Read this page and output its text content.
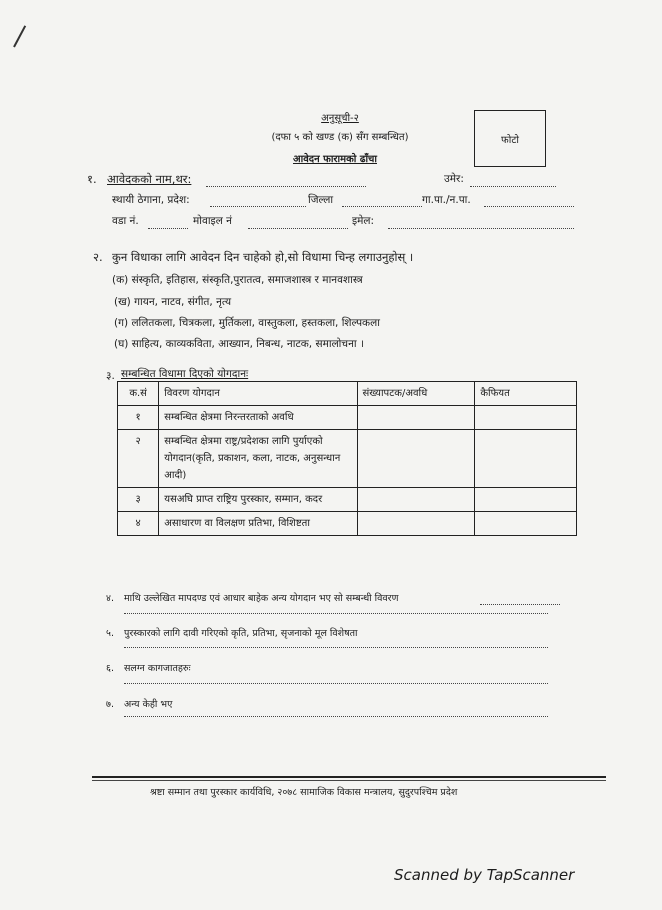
अनुसूची-२
(दफा ५ को खण्ड (क) सँग सम्बन्धित)
आवेदन फारामको ढाँचा
फोटो
१. आवेदकको नाम,थर:	उमेर:
स्थायी ठेगाना, प्रदेश:	जिल्ला	गा.पा./न.पा.
वडा नं.	मोवाइल नं	इमेल:
२. कुन विधाका लागि आवेदन दिन चाहेको हो,सो विधामा चिन्ह लगाउनुहोस् ।
(क) संस्कृति, इतिहास, संस्कृति,पुरातत्व, समाजशास्त्र र मानवशास्त्र
(ख) गायन, नाटव, संगीत, नृत्य
(ग) ललितकला, चित्रकला, मुर्तिकला, वास्तुकला, हस्तकला, शिल्पकला
(घ) साहित्य, काव्यकविता, आख्यान, निबन्ध, नाटक, समालोचना ।
३. सम्बन्धित विधामा दिएको योगदानः
क.सं	विवरण योगदान	संख्यापटक/अवधि	कैफियत
१	सम्बन्धित क्षेत्रमा निरन्तरताको अवधि		
२	सम्बन्धित क्षेत्रमा राष्ट्र/प्रदेशका लागि पुर्याएको योगदान(कृति, प्रकाशन, कला, नाटक, अनुसन्धान आदी)		
३	यसअघि प्राप्त राष्ट्रिय पुरस्कार, सम्मान, कदर		
४	असाधारण वा विलक्षण प्रतिभा, विशिष्टता		
४. माथि उल्लेखित मापदण्ड एवं आधार बाहेक अन्य योगदान भए सो सम्बन्धी विवरण
५. पुरस्कारको लागि दावी गरिएको कृति, प्रतिभा, सृजनाको मूल विशेषता
६. सलग्न कागजातहरुः
७. अन्य केही भए
श्रष्टा सम्मान तथा पुरस्कार कार्यविधि, २०७८ सामाजिक विकास मन्त्रालय, सुदुरपश्चिम प्रदेश
Scanned by TapScanner
